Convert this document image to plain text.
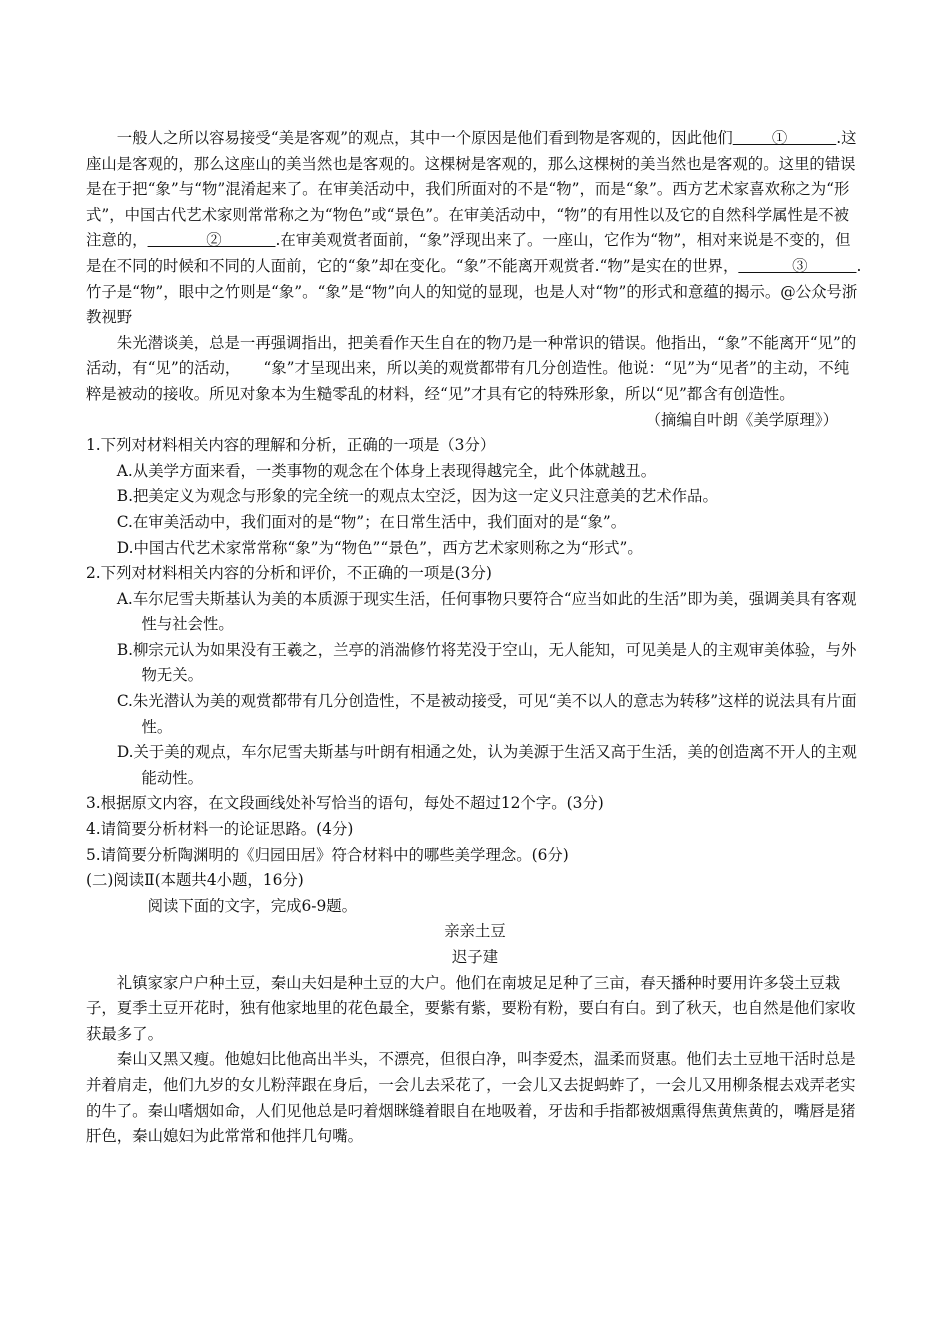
一般人之所以容易接受“美是客观”的观点，其中一个原因是他们看到物是客观的，因此他们        ①          .这座山是客观的，那么这座山的美当然也是客观的。这棵树是客观的，那么这棵树的美当然也是客观的。这里的错误是在于把“象”与“物”混淆起来了。在审美活动中，我们所面对的不是“物”，而是“象”。西方艺术家喜欢称之为“形式”，中国古代艺术家则常常称之为“物色”或“景色”。在审美活动中，“物”的有用性以及它的自然科学属性是不被注意的，            ②           .在审美观赏者面前，“象”浮现出来了。一座山，它作为“物”，相对来说是不变的，但是在不同的时候和不同的人面前，它的“象”却在变化。“象”不能离开观赏者.“物”是实在的世界，           ③          .竹子是“物”，眼中之竹则是“象”。“象”是“物”向人的知觉的显现，也是人对“物”的形式和意蕴的揭示。@公众号浙教视野

朱光潜谈美，总是一再强调指出，把美看作天生自在的物乃是一种常识的错误。他指出，“象”不能离开“见”的活动，有“见”的活动，　　“象”才呈现出来，所以美的观赏都带有几分创造性。他说：“见”为“见者”的主动，不纯粹是被动的接收。所见对象本为生糙零乱的材料，经“见”才具有它的特殊形象，所以“见”都含有创造性。

（摘编自叶朗《美学原理》）

1.下列对材料相关内容的理解和分析，正确的一项是（3分）

A.从美学方面来看，一类事物的观念在个体身上表现得越完全，此个体就越丑。

B.把美定义为观念与形象的完全统一的观点太空泛，因为这一定义只注意美的艺术作品。

C.在审美活动中，我们面对的是“物”；在日常生活中，我们面对的是“象”。

D.中国古代艺术家常常称“象”为“物色”“景色”，西方艺术家则称之为“形式”。

2.下列对材料相关内容的分析和评价，不正确的一项是(3分)

A.车尔尼雪夫斯基认为美的本质源于现实生活，任何事物只要符合“应当如此的生活”即为美，强调美具有客观性与社会性。

B.柳宗元认为如果没有王羲之，兰亭的消湍修竹将芜没于空山，无人能知，可见美是人的主观审美体验，与外物无关。

C.朱光潜认为美的观赏都带有几分创造性，不是被动接受，可见“美不以人的意志为转移”这样的说法具有片面性。

D.关于美的观点，车尔尼雪夫斯基与叶朗有相通之处，认为美源于生活又高于生活，美的创造离不开人的主观能动性。

3.根据原文内容，在文段画线处补写恰当的语句，每处不超过12个字。(3分)

4.请简要分析材料一的论证思路。(4分)

5.请简要分析陶渊明的《归园田居》符合材料中的哪些美学理念。(6分)

(二)阅读Ⅱ(本题共4小题，16分)

阅读下面的文字，完成6-9题。

亲亲土豆

迟子建

礼镇家家户户种土豆，秦山夫妇是种土豆的大户。他们在南坡足足种了三亩，春天播种时要用许多袋土豆栽子，夏季土豆开花时，独有他家地里的花色最全，要紫有紫，要粉有粉，要白有白。到了秋天，也自然是他们家收获最多了。

秦山又黑又瘦。他媳妇比他高出半头，不漂亮，但很白净，叫李爱杰，温柔而贤惠。他们去土豆地干活时总是并着肩走，他们九岁的女儿粉萍跟在身后，一会儿去采花了，一会儿又去捉蚂蚱了，一会儿又用柳条棍去戏弄老实的牛了。秦山嗜烟如命，人们见他总是叼着烟眯缝着眼自在地吸着，牙齿和手指都被烟熏得焦黄焦黄的，嘴唇是猪肝色，秦山媳妇为此常常和他拌几句嘴。
